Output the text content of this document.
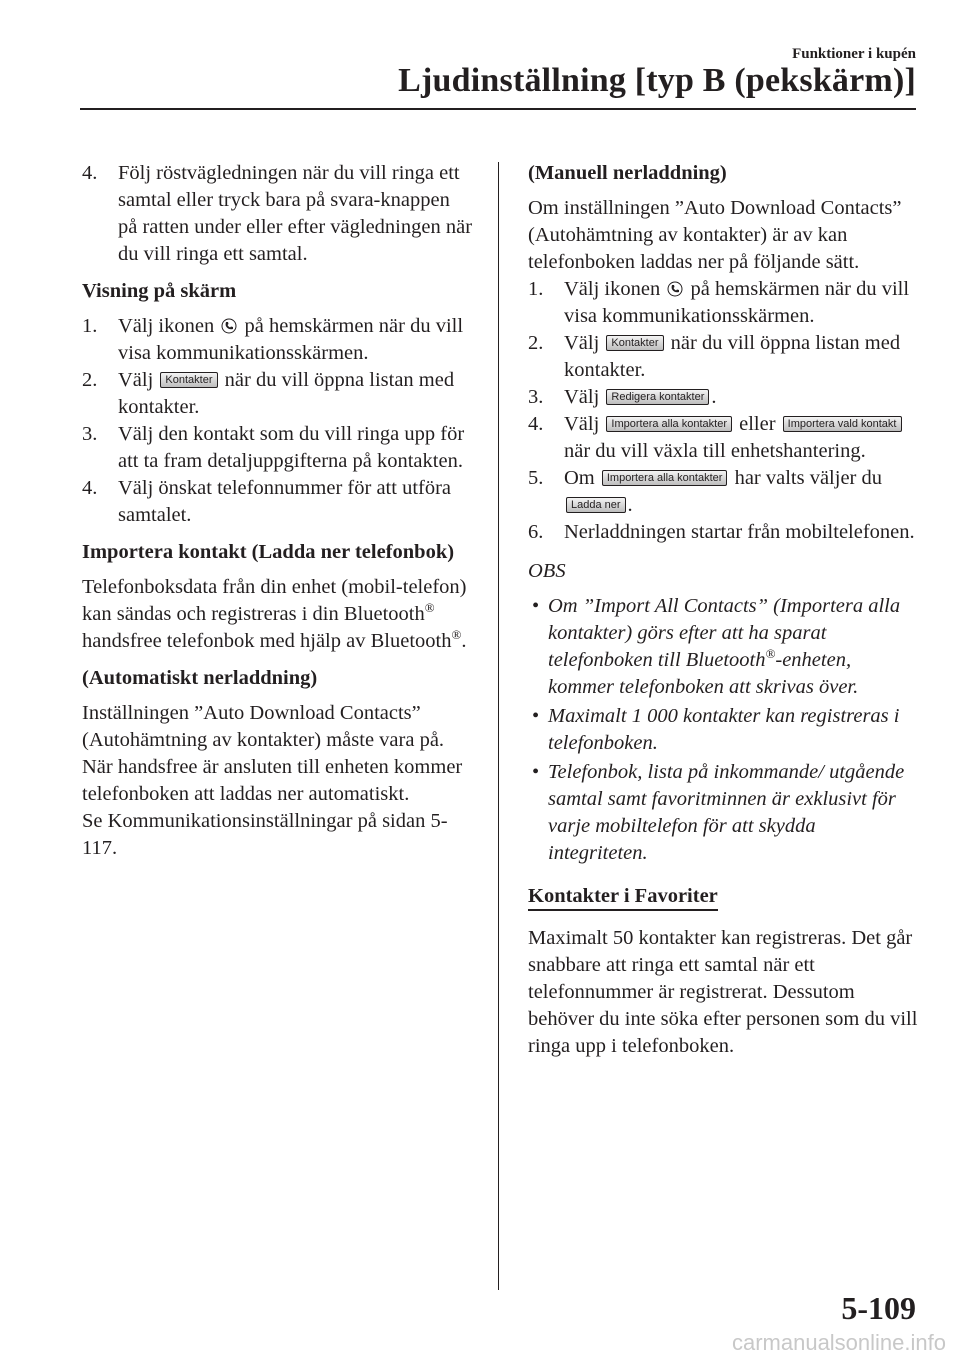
Funktioner i kupén
Ljudinställning [typ B (pekskärm)]
4. Följ röstvägledningen när du vill ringa ett samtal eller tryck bara på svara-knappen på ratten under eller efter vägledningen när du vill ringa ett samtal.
Visning på skärm
1. Välj ikonen på hemskärmen när du vill visa kommunikationsskärmen.
2. Välj Kontakter när du vill öppna listan med kontakter.
3. Välj den kontakt som du vill ringa upp för att ta fram detaljuppgifterna på kontakten.
4. Välj önskat telefonnummer för att utföra samtalet.
Importera kontakt (Ladda ner telefonbok)
Telefonboksdata från din enhet (mobil-telefon) kan sändas och registreras i din Bluetooth® handsfree telefonbok med hjälp av Bluetooth®.
(Automatiskt nerladdning)
Inställningen ”Auto Download Contacts” (Autohämtning av kontakter) måste vara på. När handsfree är ansluten till enheten kommer telefonboken att laddas ner automatiskt.
Se Kommunikationsinställningar på sidan 5-117.
(Manuell nerladdning)
Om inställningen ”Auto Download Contacts” (Autohämtning av kontakter) är av kan telefonboken laddas ner på följande sätt.
1. Välj ikonen på hemskärmen när du vill visa kommunikationsskärmen.
2. Välj Kontakter när du vill öppna listan med kontakter.
3. Välj Redigera kontakter .
4. Välj Importera alla kontakter eller Importera vald kontakt när du vill växla till enhetshantering.
5. Om Importera alla kontakter har valts väljer du Ladda ner .
6. Nerladdningen startar från mobiltelefonen.
OBS
• Om ”Import All Contacts” (Importera alla kontakter) görs efter att ha sparat telefonboken till Bluetooth®-enheten, kommer telefonboken att skrivas över.
• Maximalt 1 000 kontakter kan registreras i telefonboken.
• Telefonbok, lista på inkommande/ utgående samtal samt favoritminnen är exklusivt för varje mobiltelefon för att skydda integriteten.
Kontakter i Favoriter
Maximalt 50 kontakter kan registreras. Det går snabbare att ringa ett samtal när ett telefonnummer är registrerat. Dessutom behöver du inte söka efter personen som du vill ringa upp i telefonboken.
5-109
carmanualsonline.info
